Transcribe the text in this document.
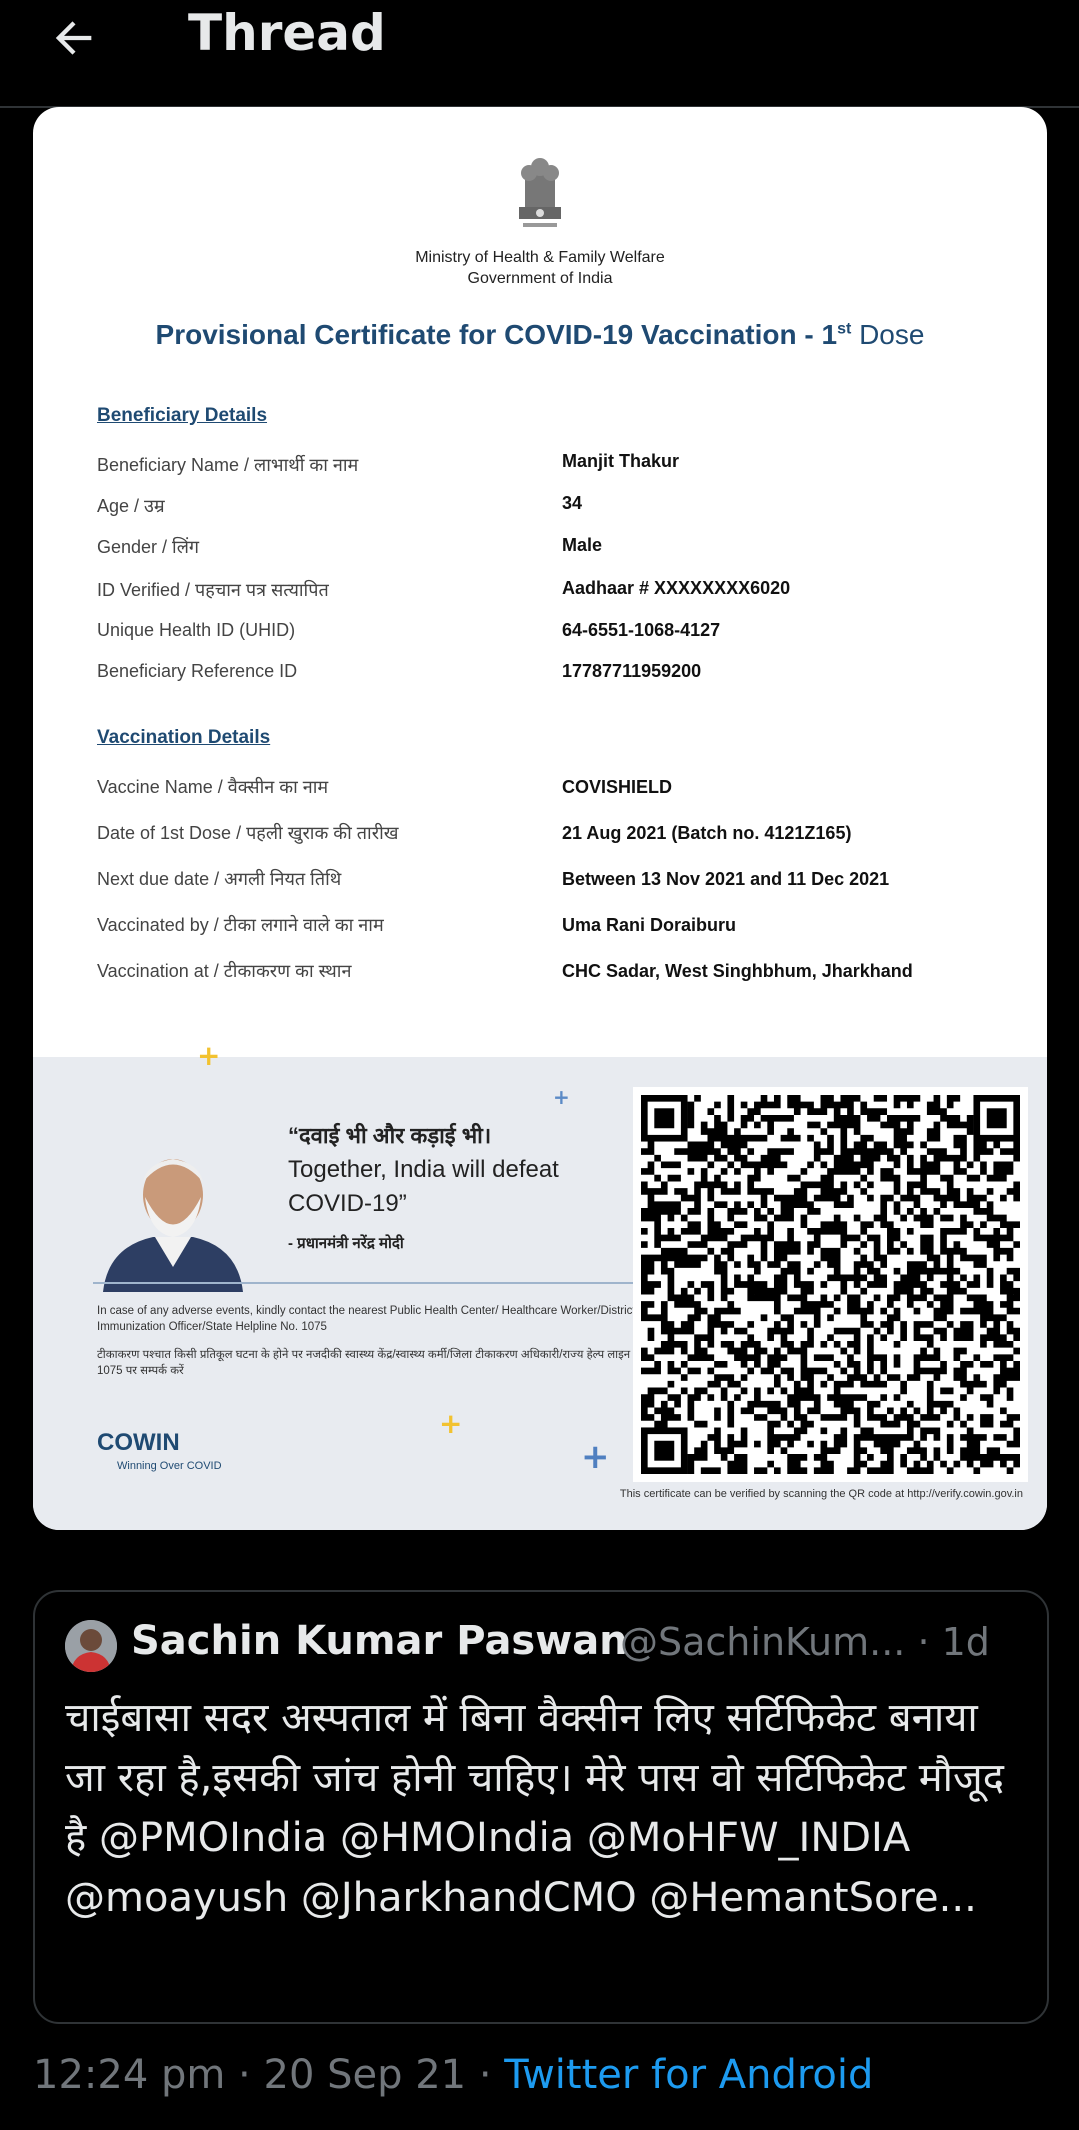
Thread
Ministry of Health & Family Welfare
Government of India
Provisional Certificate for COVID-19 Vaccination - 1st Dose
Beneficiary Details
Beneficiary Name / लाभार्थी का नाम	Manjit Thakur
Age / उम्र	34
Gender / लिंग	Male
ID Verified / पहचान पत्र सत्यापित	Aadhaar # XXXXXXXX6020
Unique Health ID (UHID)	64-6551-1068-4127
Beneficiary Reference ID	17787711959200
Vaccination Details
Vaccine Name / वैक्सीन का नाम	COVISHIELD
Date of 1st Dose / पहली खुराक की तारीख	21 Aug 2021 (Batch no. 4121Z165)
Next due date / अगली नियत तिथि	Between 13 Nov 2021 and 11 Dec 2021
Vaccinated by / टीका लगाने वाले का नाम	Uma Rani Doraiburu
Vaccination at / टीकाकरण का स्थान	CHC Sadar, West Singhbhum, Jharkhand
+
+
+
+
“दवाई भी और कड़ाई भी।
Together, India will defeat COVID-19”
- प्रधानमंत्री नरेंद्र मोदी
In case of any adverse events, kindly contact the nearest Public Health Center/ Healthcare Worker/District Immunization Officer/State Helpline No. 1075
टीकाकरण पश्चात किसी प्रतिकूल घटना के होने पर नजदीकी स्वास्थ्य केंद्र/स्वास्थ्य कर्मी/जिला टीकाकरण अधिकारी/राज्य हेल्प लाइन 1075 पर सम्पर्क करें
COWIN
Winning Over COVID
This certificate can be verified by scanning the QR code at http://verify.cowin.gov.in
Sachin Kumar Paswan
@SachinKum... · 1d
चाईबासा सदर अस्पताल में बिना वैक्सीन लिए सर्टिफिकेट बनाया जा रहा है,इसकी जांच होनी चाहिए। मेरे पास वो सर्टिफिकेट मौजूद है @PMOIndia @HMOIndia @MoHFW_INDIA @moayush @JharkhandCMO @HemantSore...
12:24 pm · 20 Sep 21 · Twitter for Android
